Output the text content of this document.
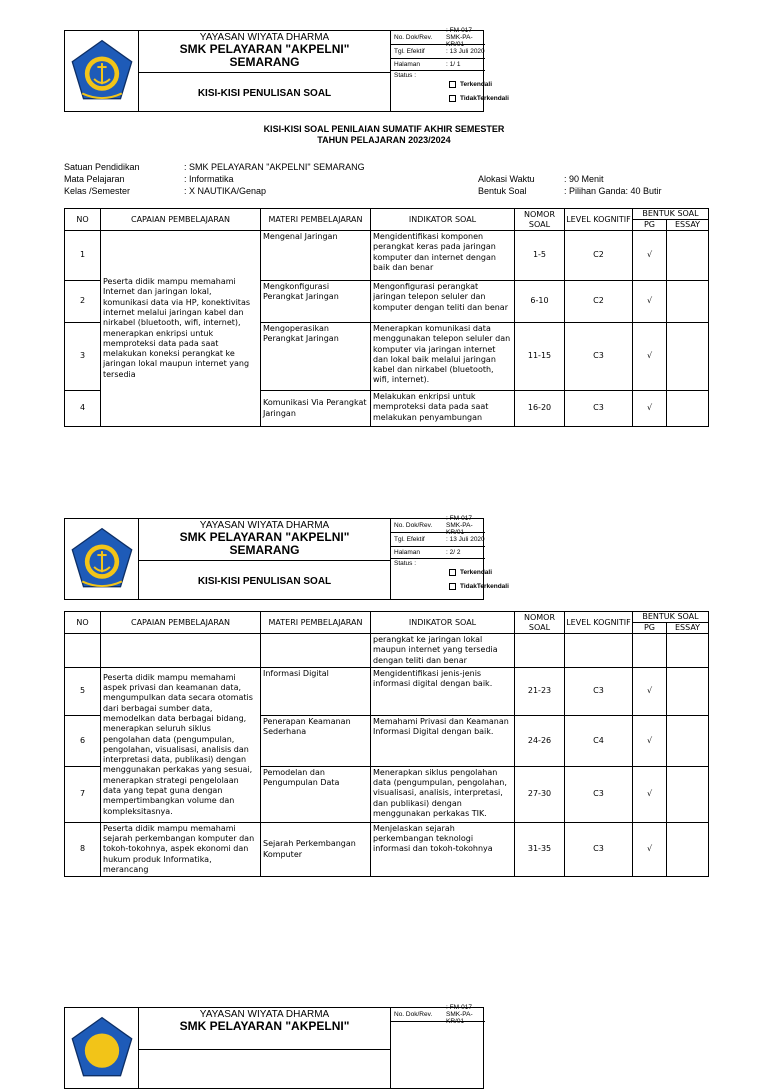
YAYASAN WIYATA DHARMA
SMK PELAYARAN "AKPELNI"
SEMARANG
KISI-KISI PENULISAN SOAL
No. Dok/Rev.
: FM-017-SMK-PA-KR/01
Tgl. Efektif	: 13 Juli 2020
Halaman	: 1/ 1
Status :
Terkendali
TidakTerkendali
KISI-KISI SOAL PENILAIAN SUMATIF AKHIR SEMESTER
TAHUN PELAJARAN 2023/2024
Satuan Pendidikan	: SMK PELAYARAN "AKPELNI" SEMARANG
Mata Pelajaran	: Informatika
Kelas /Semester	: X NAUTIKA/Genap
Alokasi Waktu	: 90 Menit
Bentuk Soal	: Pilihan Ganda: 40 Butir
NO	CAPAIAN PEMBELAJARAN	MATERI PEMBELAJARAN	INDIKATOR SOAL	NOMOR
SOAL	LEVEL KOGNITIF	BENTUK SOAL	
						PG	ESSAY
1	Peserta didik mampu memahami Internet dan jaringan lokal, komunikasi data via HP, konektivitas internet melalui jaringan kabel dan nirkabel (bluetooth, wifi, internet), menerapkan enkripsi untuk memproteksi data pada saat melakukan koneksi perangkat ke jaringan lokal maupun internet yang tersedia	Mengenal Jaringan	Mengidentifikasi komponen perangkat keras pada jaringan komputer dan internet dengan baik dan benar	1-5	C2	√	
2		Mengkonfigurasi Perangkat Jaringan	Mengonfigurasi perangkat jaringan telepon seluler dan komputer dengan teliti dan benar	6-10	C2	√	
3		Mengoperasikan Perangkat Jaringan	Menerapkan komunikasi data menggunakan telepon seluler dan komputer via jaringan internet dan lokal baik melalui jaringan kabel dan nirkabel (bluetooth, wifi, internet).	11-15	C3	√	
4		Komunikasi Via Perangkat Jaringan	Melakukan enkripsi untuk memproteksi data pada saat melakukan penyambungan	16-20	C3	√	
YAYASAN WIYATA DHARMA
SMK PELAYARAN "AKPELNI"
SEMARANG
KISI-KISI PENULISAN SOAL
No. Dok/Rev.
: FM-017-SMK-PA-KR/01
Tgl. Efektif	: 13 Juli 2020
Halaman	: 2/ 2
Status :
Terkendali
TidakTerkendali
NO	CAPAIAN PEMBELAJARAN	MATERI PEMBELAJARAN	INDIKATOR SOAL	NOMOR
SOAL	LEVEL KOGNITIF	BENTUK SOAL	
						PG	ESSAY
			perangkat ke jaringan lokal maupun internet yang tersedia dengan teliti dan benar				
5	Peserta didik mampu memahami aspek privasi dan keamanan data, mengumpulkan data secara otomatis dari berbagai sumber data, memodelkan data berbagai bidang, menerapkan seluruh siklus pengolahan data (pengumpulan, pengolahan, visualisasi, analisis dan interpretasi data, publikasi) dengan menggunakan perkakas yang sesuai, menerapkan strategi pengelolaan data yang tepat guna dengan mempertimbangkan volume dan kompleksitasnya.	Informasi Digital	Mengidentifikasi jenis-jenis informasi digital dengan baik.	21-23	C3	√	
6		Penerapan Keamanan Sederhana	Memahami Privasi dan Keamanan Informasi Digital dengan baik.	24-26	C4	√	
7		Pemodelan dan Pengumpulan Data	Menerapkan siklus pengolahan data (pengumpulan, pengolahan, visualisasi, analisis, interpretasi, dan publikasi) dengan menggunakan perkakas TIK.	27-30	C3	√	
8	Peserta didik mampu memahami sejarah perkembangan komputer dan tokoh-tokohnya, aspek ekonomi dan hukum produk Informatika, merancang	Sejarah Perkembangan Komputer	Menjelaskan sejarah perkembangan teknologi informasi dan tokoh-tokohnya	31-35	C3	√	
YAYASAN WIYATA DHARMA
SMK PELAYARAN "AKPELNI"
No. Dok/Rev.
: FM-017-SMK-PA-KR/01
